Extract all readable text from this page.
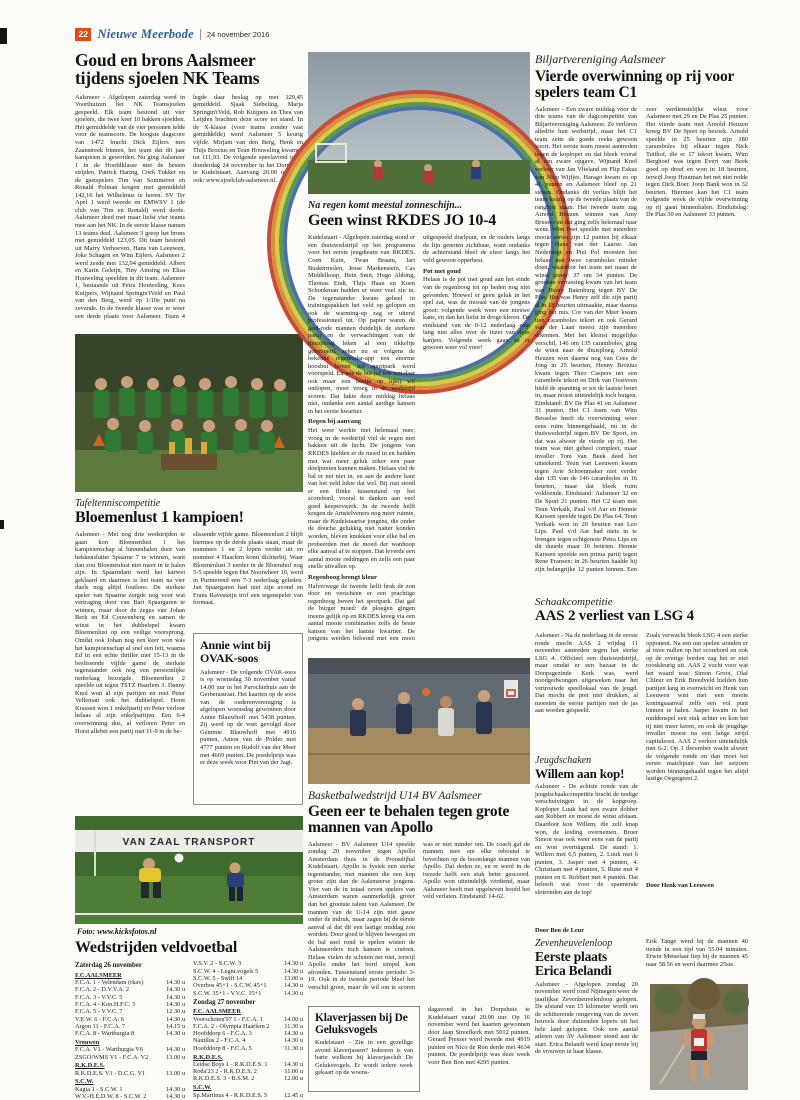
22 Nieuwe Meerbode 24 november 2016
Goud en brons Aalsmeer tijdens sjoelen NK Teams
Aalsmeer - Afgelopen zaterdag werd in Voorthuizen het NK Teamsjoelen gespeeld. Elk team bestond uit vier sjoelers, die twee keer 10 bakken sjoelden. Het gemiddelde van de vier personen telde voor de teamscore. De hoogste dagscore van 1472 bracht Dick Eijlers met Zaanstreek binnen, het team dat dit jaar kampioen is geworden. Nu ging Aalsmeer 1 in de Hoofdklasse met de besten strijden. Patrick Haring, Cock Tukker en de gastspelers Tim van Sommeren en Ronald Polman kregen met gemiddeld 142,16 het Wilhelmus te horen. SV Ter Apel 1 werd tweede en EMWSV 1 (de club van Tim en Ronald) werd derde. Aalsmeer deed met maar liefst vier teams mee aan het NK. In de eerste klasse namen 13 teams deel. Aalsmeer 3 greep het brons met gemiddeld 123,05. Dit team bestond uit Marry Verhoeven, Hans van Leeuwen, Joke Schagen en Wim Eijlers. Aalsmeer 2 werd zesde met 132,94 gemiddeld. Albert en Karin Geleijn, Tiny Amsing en Elisa Houweling speelden in dit team. Aalsmeer 1, bestaande uit Petra Houweling, Kees Kuijpers, Wijnand Springin'tVeld en Paul van den Berg, werd op 1/10e punt na zevende. In de tweede klasse was er weer een derde plaats voor Aalsmeer. Team 4 legde daar beslag op met 129,45 gemiddeld. Sjaak Siebeling, Marja Springin'tVeld, Rob Kuijpers en Thea van Leijden brachten deze score tot stand. In de X-klasse (voor teams zonder vast gemiddelde) werd Aalsmeer 5 keurig vijfde. Mirjam van den Berg, Henk en Thijs Brozius en Teun Houweling kwamen tot 111,93. De volgende speelavond is op donderdag 24 november in het Dorpshuis te Kudelstaart. Aanvang 20.00 uur. Zie ook: www.sjoelclub-aalsmeer.nl.
Tafeltenniscompetitie
Bloemenlust 1 kampioen!
Aalsmeer - Met nog drie wedstrijden te gaan kon Bloemenlust 1 het kampioenschap al binnenhalen door van hekkensluiter Spaarne 7 te winnen, want dan zou Bloemenlust niet meer in te halen zijn. In Spaarndam werd het karwei geklaard en daarmee is het team na vier duels nog altijd foutloos. De sterkste speler van Spaarne zorgde nog voor wat vertraging door van Bart Spaargaren te winnen, maar door de zeges van Johan Berk en Ed Couwenberg en samen de winst in het dubbelspel kwam Bloemenlust op een veilige voorsprong. Omdat ook Johan nog een keer won was het kampioenschap al snel een feit, waarna Ed in een echte thriller met 15-13 in de beslissende vijfde game de sterkste tegenstander ook nog een persoonlijke nederlaag bezorgde. Bloemenlust 2 speelde uit tegen TSTZ Haarlem 3. Danny Knol won al zijn partijen en met Peter Velleman ook het dubbelspel. Horst Krassen won 1 enkelpartij en Peter verloor helaas al zijn enkelpartijen. Een 6-4 overwinning dus, al verloren Peter en Horst allebei een partij met 11-9 in de be-
slissende vijfde game. Bloemenlust 2 blijft hiermee op de derde plaats staan, maar de nummers 1 en 2 lopen verder uit en nummer 4 Haarlem komt dichterbij. Waar Bloemenlust 3 eerder in de Bloemhof nog 5-5 speelde tegen Het Nootwheer 10, werd in Purmerend een 7-3 nederlaag geleden. Jan Spaargaren had niet zijn avond en Frans Ravesteijn trof een tegenspeler van formaat.
Annie wint bij OVAK-soos
Aalsmeer - De volgende OVAK-soos is op woensdag 30 november vanaf 14.00 uur in het Parochiehuis aan de Gerberastraat. Het kaarten op de soos van de ouderenvereniging is afgelopen woensdag gewonnen door Annie Blauwhoff met 5438 punten. Zij werd op de voet gevolgd door Gemmie Blauwhoff met 4916 punten, Anton van de Polder met 4777 punten en Rudolf van der Meer met 4669 punten. De poedelprijs was er deze week voor Piet van der Jagt.
VAN ZAAL TRANSPORT
Foto: www.kicksfotos.nl
Wedstrijden veldvoetbal
Zaterdag 26 november
F.C.AALSMEER
F.C.A. 1 - Velendam (rkav)	14.30 u
F.C.A. 2 - D.V.V.A. 2	14.30 u
F.C.A. 3 - V.V.C. 5	14.30 u
F.C.A. 4 - Kon.H.F.C. 3	14.30 u
F.C.A. 5 - V.V.C. 7	12.30 u
V.E.W. 6 - F.C.A. 6	14.30 u
Argon 11 - F.C.A. 7	14.15 u
F.C.A. 8 - Wartburgia 8	14.30 u
Vrouwen
F.C.A. V1 - Wartburgia V6	14.30 u
ZSGO/WMS V1 - F.C.A. V2	13.00 u
R.K.D.E.S.
R.K.D.E.S. V1 - D.C.G. V1	13.00 u
S.C.W.
Kagia 1 - S.C.W. 1	14.30 u
W.V.-H.E.D.W. 8 - S.C.W. 2	14.30 u
V.S.V. 2 - S.C.W. 3	14.30 u
S.C.W. 4 - Legm.vogels 5	14.30 u
S.C.W. 5 - Swift 14	13.00 u
Overbos 45+1 - S.C.W. 45+1	14.30 u
S.C.W. 35+1 - V.V.C. 35+1	14.30 u
Zondag 27 november
F.C. AALSMEER
Voorschoten'97 1 - F.C.A. 1	14.00 u
F.C.A. 2 - Olympia Haarlem 2 11.30 u
Hoofddorp 6 - F.C.A. 3	14.30 u
Nautilus 2 - F.C.A. 4	14.30 u
Hoofddorp 8 - F.C.A. 5	11.30 u
R.K.D.E.S.
Leidse Boys 1 - R.K.D.E.S. 1	14.30 u
Roda'23 2 - R.K.D.E.S. 2	11.00 u
R.K.D.E.S. 3 - B.S.M. 2	12.00 u
S.C.W.
Sp.Martinus 4 - R.K.D.E.S. 5	12.45 u
Na regen komt meestal zonneschijn...
Geen winst RKDES JO 10-4

Kudelstaart - Afgelopen zaterdag stond er een thuiswedstrijd op het programma voor het eerste jeugdteam van RKDES. Coen Kuin, Twan Braam, Jari Buskermolen, Jesse Markenstein, Cas Middelkoop, Hein Smit, Hugo Abbing, Thomas Endt, Thijs Haan en Koen Schonkman hadden er weer veel zin in. De tegenstander kwam geheel in trainingspakken het veld op gelopen en ook de warming-up zag er uiterst professioneel uit. Op papier waren de geel-rode mannen duidelijk de sterkere partij en de verwachtingen van de thuisploeg leken al een tikkeltje getemperd, zeker nu er volgens de bekende regenradar-app een enorme hoosbui boven het sportpark werd voorspeld. En wie de bui (of iets wat daar ook maar een beetje op lijkt) wil ontlopen, moet vroeg in de wedstrijd scoren. Dat lukte deze middag helaas niet, ondanks een aantal aardige kansen in het eerste kwartier.

Regen bij aanvang

Het weer werkte niet helemaal mee; vroeg in de wedstrijd viel de regen met bakken uit de lucht. De jongens van RKDES hielden er de moed in en hadden met wat meer geluk zeker een paar doelpunten kunnen maken. Helaas viel de bal er net niet in, en aan de andere kant van het veld lukte dat wel. Bij rust stond er een flinke tussenstand op het scorebord, vooral te danken aan veel goed keeperswerk. In de tweede helft kregen de Amstelveners nog meer ruimte, maar de Kudelstaartse jongens, die onder de douche gelukkig niet natter konden worden, bleven knokken voor elke bal en probeerden met de moed der wanhoop elke aanval af te stoppen. Dat leverde een aantal mooie reddingen en zelfs een paar snelle uitvallen op.

Regenboog brengt kleur

Halverwege de tweede helft brak de zon door en verscheen er een prachtige regenboog boven het sportpark. Dat gaf de burger moed: de ploegen gingen ineens gelijk op en RKDES kreeg via een aantal mooie combinaties zelfs de beste kansen van het laatste kwartier. De jongens werden beloond met een mooi uitgespeeld doelpunt, en de ouders langs de lijn genoten zichtbaar, want ondanks de achterstand bleef de sfeer langs het veld gewoon opperbest.

Pot met goud

Helaas is de pot met goud aan het einde van de regenboog tot op heden nog niet gevonden. Hoewel er geen geluk in het spel zat, was de moraal van de jongens groot: volgende week weer een nieuwe kans, en dan het liefst in droge kleren. De eindstand van de 0-12 nederlaag zegt lang niet alles over de inzet van deze kanjers. Volgende week gaan ze er gewoon weer vol voor!

Basketbalwedstrijd U14 BV Aalsmeer
Geen eer te behalen tegen grote mannen van Apollo
Aalsmeer - BV Aalsmeer U14 speelde zondag 20 november tegen Apollo Amsterdam thuis in de Proosdijhal Kudelstaart. Apollo is fysiek een sterke tegenstander, met mannen die een kop groter zijn dan de Aalsmeerse jongens. Vier van de in totaal zeven spelers van Amsterdam waren aanmerkelijk groter dan het grootste talent van Aalsmeer. De mannen van de U-14 zijn niet gauw onder de indruk, maar zagen bij de eerste aanval al dat dit een lastige middag zou worden. Door goed te blijven bewegen en de bal snel rond te spelen wisten de Aalsmeerders toch kansen te creëren. Helaas vielen de schoten net niet, terwijl Apollo onder het bord simpel kon afronden. Tussenstand eerste periode: 3-19. Ook in de tweede periode bleef het verschil groot, maar de wil om te scoren was er niet minder om. De coach gaf de mannen mee om elke rebound te bevechten op de boomlange mannen van Apollo. Dat deden ze, en er werd in de tweede helft een stuk beter gescoord. Apollo won uiteindelijk verdiend, maar Aalsmeer heeft met opgeheven hoofd het veld verlaten. Eindstand: 14-62.
Klaverjassen bij De Geluksvogels
Kudelstaart - Zin in een gezellige avond klaverjassen? Iedereen is van harte welkom bij klaverjasclub De Geluksvogels. Er wordt iedere week gekaart op de woens-
dagavond in het Dorpshuis te Kudelstaart vanaf 20.00 uur. Op 16 november werd het kaarten gewonnen door Jaap Streefkerk met 5012 punten. Gerard Presser werd tweede met 4919 punten en Nico de Ron derde met 4634 punten. De poedelprijs was deze week voor Ben Bon met 4295 punten.
Biljartvereniging Aalsmeer
Vierde overwinning op rij voor spelers team C1
Aalsmeer - Een zware middag voor de drie teams van de dagcompetitie van Biljartvereniging Aalsmeer. Ze verloren alledrie hun wedstrijd, maar het C1 team zette de goede reeks gewoon voort. Het eerste team moest aantreden tegen de koploper en dat bleek vooraf al een zware opgave. Wijnand Knol verloor van Jan Vlieland en Flip Eskus van Nico Wijfjes. Harago kwam zo op 41 punten en Aalsmeer bleef op 21 steken. Ondanks dit verlies blijft het team keurig op de tweede plaats van de ranglijst staan. Het tweede team zag Arnold Heuzen winnen van Amy Brussee en dat ging zelfs helemaal naar wens. Wim Peet speelde met meerdere mooie series zijn 12 punten bij elkaar tegen Hans van der Laarse. Jan Nederstigt en Piet Pol moesten het helaas met twee caramboles minder doen, waardoor het team net naast de winst greep: 37 om 34 punten. De grootste verrassing kwam van het team van Henry Batenburg tegen BV De Plas. Het was Henry zelf die zijn partij al in 18 beurten uitmaakte, maar daarna ging het mis. Cor van der Meer kwam tien caramboles tekort en ook Gerard van der Laan moest zijn meerdere erkennen. Met het kleinst mogelijke verschil, 146 om 135 caramboles, ging de winst naar de thuisploeg. Arnold Heuzen won daarna nog van Cees de Jong in 25 beurten, Henny Brozius kwam tegen Theo Caspers net een carambole tekort en Dirk van Oostveen hield de spanning er tot de laatste beurt in, maar moest uiteindelijk toch buigen. Eindstand: BV De Plas 41 en Aalsmeer 31 punten. Het C1 team van Wim Besselse heeft de overwinning weer eens ruim binnengehaald, nu in de thuiswedstrijd tegen BV De Sport, en dat was alweer de vierde op rij. Het team was niet geheel compleet, maar invaller Tom van Beek deed het uitstekend. Teun van Leeuwen kwam tegen Arie Schoenmaker niet verder dan 135 van de 146 caramboles in 16 beurten, maar dat bleek ruim voldoende. Eindstand: Aalsmeer 32 en De Sport 21 punten. Het C2 team met Teun Verkaik, Paul v/d Aar en Hennie Karssen speelde tegen De Plas 64. Teun Verkaik won in 20 beurten van Leo Lips. Paul v/d Aar had niets in te brengen tegen echtgenote Petra Lips en dit duurde maar 16 beurten. Hennie Karssen speelde een prima partij tegen Rene Fransen: in 26 beurten haalde hij zijn belangrijke 12 punten binnen. Een zeer verdienstelijke winst voor Aalsmeer met 29 en De Plas 25 punten. Het vierde team met Arnold Heuzen kreeg BV De Sport op bezoek. Arnold speelde in 25 beurten zijn 180 caramboles bij elkaar tegen Nick Tuithof, die er 17 tekort kwam. Wim Berghoef was tegen Evert van Beek goed op dreef en won in 18 beurten, terwijl Joop Houtman het net niet redde tegen Dick Boer. Joop Bank won in 32 beurten. Hiermee kan het C1 team volgende week de vijfde overwinning op rij gaan binnenhalen. Einduitslag: De Plas 30 en Aalsmeer 33 punten.
Schaakcompetitie
AAS 2 verliest van LSG 4
Aalsmeer - Na de nederlaag in de eerste ronde mocht AAS 2 vrijdag 11 november aantreden tegen het sterke LSG 4. Officieel een thuiswedstrijd, maar omdat er een bazaar in de Doopsgezinde Kerk was, werd noodgedwongen uitgeweken naar het vertrouwde speellokaal van de jeugd. Dat mocht de pret niet drukken, al moesten de eerste partijen met de jas aan worden gespeeld.
Zoals verwacht bleek LSG 4 een sterke opponent. Na een uur spelen stonden er al twee nullen op het scorebord en ook op de overige borden zag het er niet rooskleurig uit. AAS 2 vocht voor wat het waard was: Simon Groot, Olaf Cliteur en Erik Breedveld hielden hun partijen lang in evenwicht en Henk van Leeuwen wist met een mooie koningsaanval zelfs een vol punt binnen te halen. Jasper kwam in het middenspel een stuk achter en kon het tij niet meer keren, en ook de jeugdige invaller moest na een lange strijd capituleren. AAS 2 verloor uiteindelijk met 6-2. Op 1 december wacht alweer de volgende ronde en dan moet het eerste matchpunt van het seizoen worden binnengehaald tegen het altijd lastige Oegstgeest 2.
Door Henk van Leeuwen
Jeugdschaken
Willem aan kop!
Aalsmeer - De achtste ronde van de jeugdschaakcompetitie bracht de nodige verschuivingen in de kopgroep. Koploper Luuk had een zware dobber aan Robbert en moest de winst afstaan. Daardoor kon Willem, die zelf knap won, de leiding overnemen. Broer Simon was ook weer eens van de partij en won overtuigend. De stand: 1. Willem met 6,5 punten, 2. Luuk met 6 punten, 3. Jasper met 4 punten, 4. Christiaan met 4 punten, 5. Rune met 4 punten en 6. Robbert met 4 punten. Dat belooft wat voor de spannende slotronden aan de top!
Door Ben de Leur
Zevenheuvelenloop
Eerste plaats Erica Belandi
Aalsmeer - Afgelopen zondag 20 november werd rond Nijmegen weer de jaarlijkse Zevenheuvelenloop gelopen. De afstand van 15 kilometer wordt om de schitterende omgeving van de zeven heuvels door duizenden lopers uit het hele land gelopen. Ook een aantal atleten van AV Aalsmeer stond aan de start. Erica Belandi werd knap eerste bij de vrouwen in haar klasse.
Erik Tange werd bij de mannen 40 tiende in een tijd van 55.04 minuten. Erwin Metselaar liep bij de mannen 45 naar 58.56 en werd daarmee 25ste.
